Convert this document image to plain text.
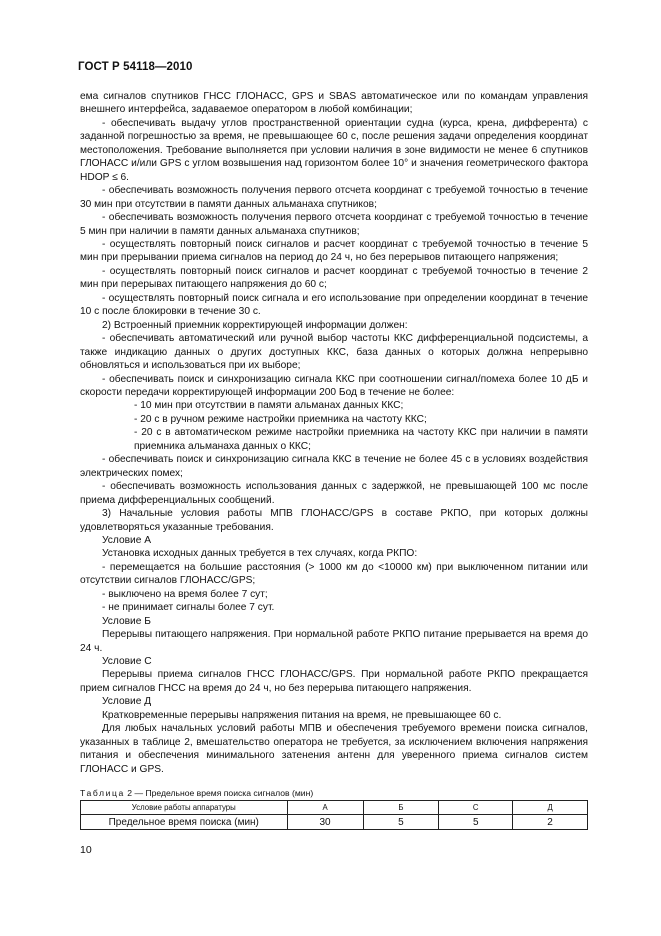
ГОСТ Р 54118—2010

ема сигналов спутников ГНСС ГЛОНАСС, GPS и SBAS автоматическое или по командам управления внешнего интерфейса, задаваемое оператором в любой комбинации;

- обеспечивать выдачу углов пространственной ориентации судна (курса, крена, дифферента) с заданной погрешностью за время, не превышающее 60 с, после решения задачи определения координат местоположения. Требование выполняется при условии наличия в зоне видимости не менее 6 спутников ГЛОНАСС и/или GPS с углом возвышения над горизонтом более 10° и значения геометрического фактора HDOP ≤ 6.

- обеспечивать возможность получения первого отсчета координат с требуемой точностью в течение 30 мин при отсутствии в памяти данных альманаха спутников;

- обеспечивать возможность получения первого отсчета координат с требуемой точностью в течение 5 мин при наличии в памяти данных альманаха спутников;

- осуществлять повторный поиск сигналов и расчет координат с требуемой точностью в течение 5 мин при прерывании приема сигналов на период до 24 ч, но без перерывов питающего напряжения;

- осуществлять повторный поиск сигналов и расчет координат с требуемой точностью в течение 2 мин при перерывах питающего напряжения до 60 с;

- осуществлять повторный поиск сигнала и его использование при определении координат в течение 10 с после блокировки в течение 30 с.

2) Встроенный приемник корректирующей информации должен:

- обеспечивать автоматический или ручной выбор частоты ККС дифференциальной подсистемы, а также индикацию данных о других доступных ККС, база данных о которых должна непрерывно обновляться и использоваться при их выборе;

- обеспечивать поиск и синхронизацию сигнала ККС при соотношении сигнал/помеха более 10 дБ и скорости передачи корректирующей информации 200 Бод в течение не более:

- 10 мин при отсутствии в памяти альманах данных ККС;

- 20 с в ручном режиме настройки приемника на частоту ККС;

- 20 с в автоматическом режиме настройки приемника на частоту ККС при наличии в памяти приемника альманаха данных о ККС;

- обеспечивать поиск и синхронизацию сигнала ККС в течение не более 45 с в условиях воздействия электрических помех;

- обеспечивать возможность использования данных с задержкой, не превышающей 100 мс после приема дифференциальных сообщений.

3) Начальные условия работы МПВ ГЛОНАСС/GPS в составе РКПО, при которых должны удовлетворяться указанные требования.

Условие А

Установка исходных данных требуется в тех случаях, когда РКПО:

- перемещается на большие расстояния (> 1000 км до <10000 км) при выключенном питании или отсутствии сигналов ГЛОНАСС/GPS;

- выключено на время более 7 сут;

- не принимает сигналы более 7 сут.

Условие Б

Перерывы питающего напряжения. При нормальной работе РКПО питание прерывается на время до 24 ч.

Условие С

Перерывы приема сигналов ГНСС ГЛОНАСС/GPS. При нормальной работе РКПО прекращается прием сигналов ГНСС на время до 24 ч, но без перерыва питающего напряжения.

Условие Д

Кратковременные перерывы напряжения питания на время, не превышающее 60 с.

Для любых начальных условий работы МПВ и обеспечения требуемого времени поиска сигналов, указанных в таблице 2, вмешательство оператора не требуется, за исключением включения напряжения питания и обеспечения минимального затенения антенн для уверенного приема сигналов систем ГЛОНАСС и GPS.

Таблица 2 — Предельное время поиска сигналов (мин)
Условие работы аппаратуры	А	Б	С	Д
Предельное время поиска (мин)	30	5	5	2
10
